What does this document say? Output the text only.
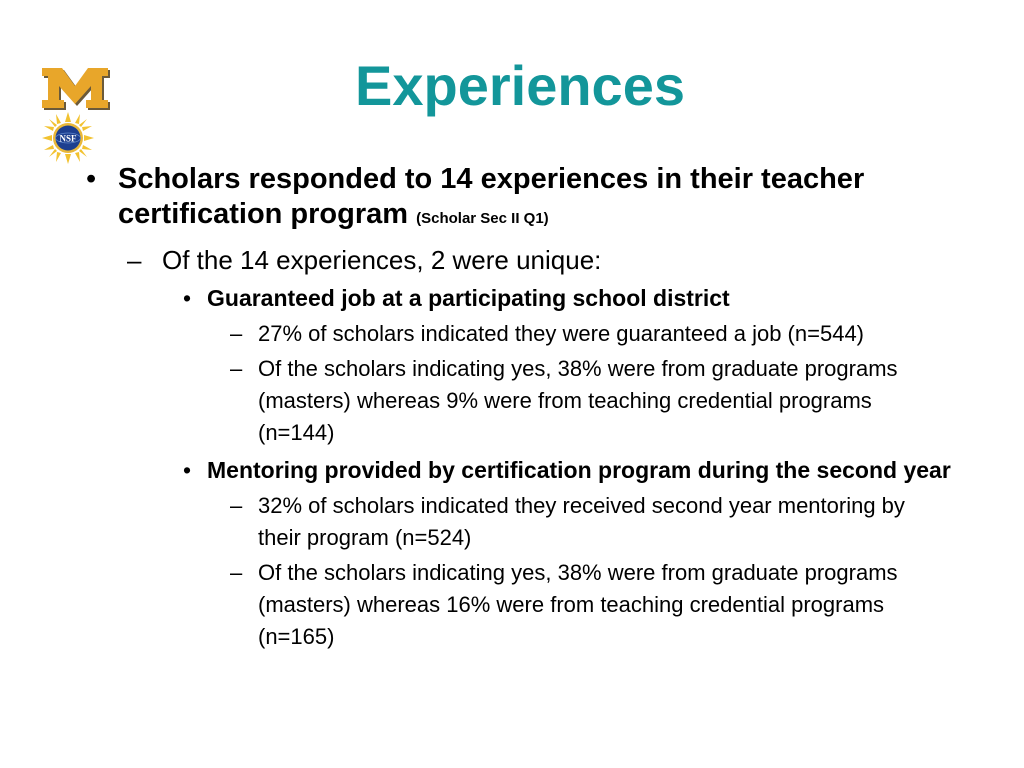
NSF
Experiences
• Scholars responded to 14 experiences in their teacher certification program (Scholar Sec II Q1)
– Of the 14 experiences, 2 were unique:
• Guaranteed job at a participating school district
– 27% of scholars indicated they were guaranteed a job (n=544)
– Of the scholars indicating yes, 38% were from graduate programs (masters) whereas 9% were from teaching credential programs (n=144)
• Mentoring provided by certification program during the second year
– 32% of scholars indicated they received second year mentoring by their program (n=524)
– Of the scholars indicating yes, 38% were from graduate programs (masters) whereas 16% were from teaching credential programs (n=165)
